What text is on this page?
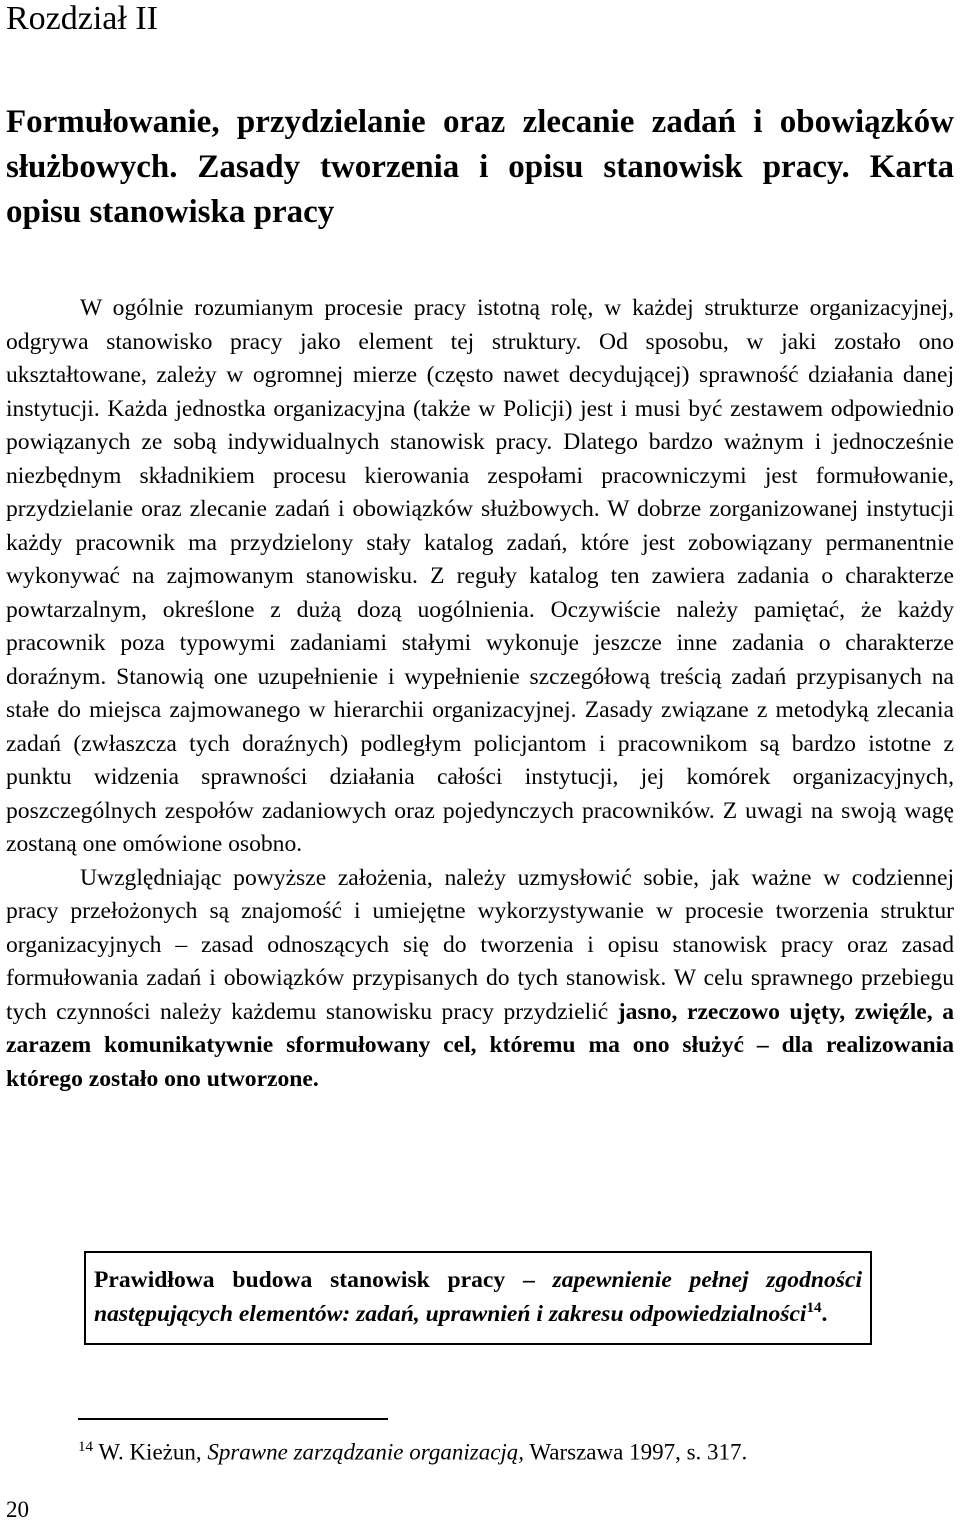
Rozdział II
Formułowanie, przydzielanie oraz zlecanie zadań i obowiązków służbowych. Zasady tworzenia i opisu stanowisk pracy. Karta opisu stanowiska pracy

W ogólnie rozumianym procesie pracy istotną rolę, w każdej strukturze organizacyjnej, odgrywa stanowisko pracy jako element tej struktury. Od sposobu, w jaki zostało ono ukształtowane, zależy w ogromnej mierze (często nawet decydującej) sprawność działania danej instytucji. Każda jednostka organizacyjna (także w Policji) jest i musi być zestawem odpowiednio powiązanych ze sobą indywidualnych stanowisk pracy. Dlatego bardzo ważnym i jednocześnie niezbędnym składnikiem procesu kierowania zespołami pracowniczymi jest formułowanie, przydzielanie oraz zlecanie zadań i obowiązków służbowych. W dobrze zorganizowanej instytucji każdy pracownik ma przydzielony stały katalog zadań, które jest zobowiązany permanentnie wykonywać na zajmowanym stanowisku. Z reguły katalog ten zawiera zadania o charakterze powtarzalnym, określone z dużą dozą uogólnienia. Oczywiście należy pamiętać, że każdy pracownik poza typowymi zadaniami stałymi wykonuje jeszcze inne zadania o charakterze doraźnym. Stanowią one uzupełnienie i wypełnienie szczegółową treścią zadań przypisanych na stałe do miejsca zajmowanego w hierarchii organizacyjnej. Zasady związane z metodyką zlecania zadań (zwłaszcza tych doraźnych) podległym policjantom i pracownikom są bardzo istotne z punktu widzenia sprawności działania całości instytucji, jej komórek organizacyjnych, poszczególnych zespołów zadaniowych oraz pojedynczych pracowników. Z uwagi na swoją wagę zostaną one omówione osobno.

Uwzględniając powyższe założenia, należy uzmysłowić sobie, jak ważne w codziennej pracy przełożonych są znajomość i umiejętne wykorzystywanie w procesie tworzenia struktur organizacyjnych – zasad odnoszących się do tworzenia i opisu stanowisk pracy oraz zasad formułowania zadań i obowiązków przypisanych do tych stanowisk. W celu sprawnego przebiegu tych czynności należy każdemu stanowisku pracy przydzielić jasno, rzeczowo ujęty, zwięźle, a zarazem komunikatywnie sformułowany cel, któremu ma ono służyć – dla realizowania którego zostało ono utworzone.

Prawidłowa budowa stanowisk pracy – zapewnienie pełnej zgodności następujących elementów: zadań, uprawnień i zakresu odpowiedzialności$^{14}$.
$^{14}$ W. Kieżun, Sprawne zarządzanie organizacją, Warszawa 1997, s. 317.
20
